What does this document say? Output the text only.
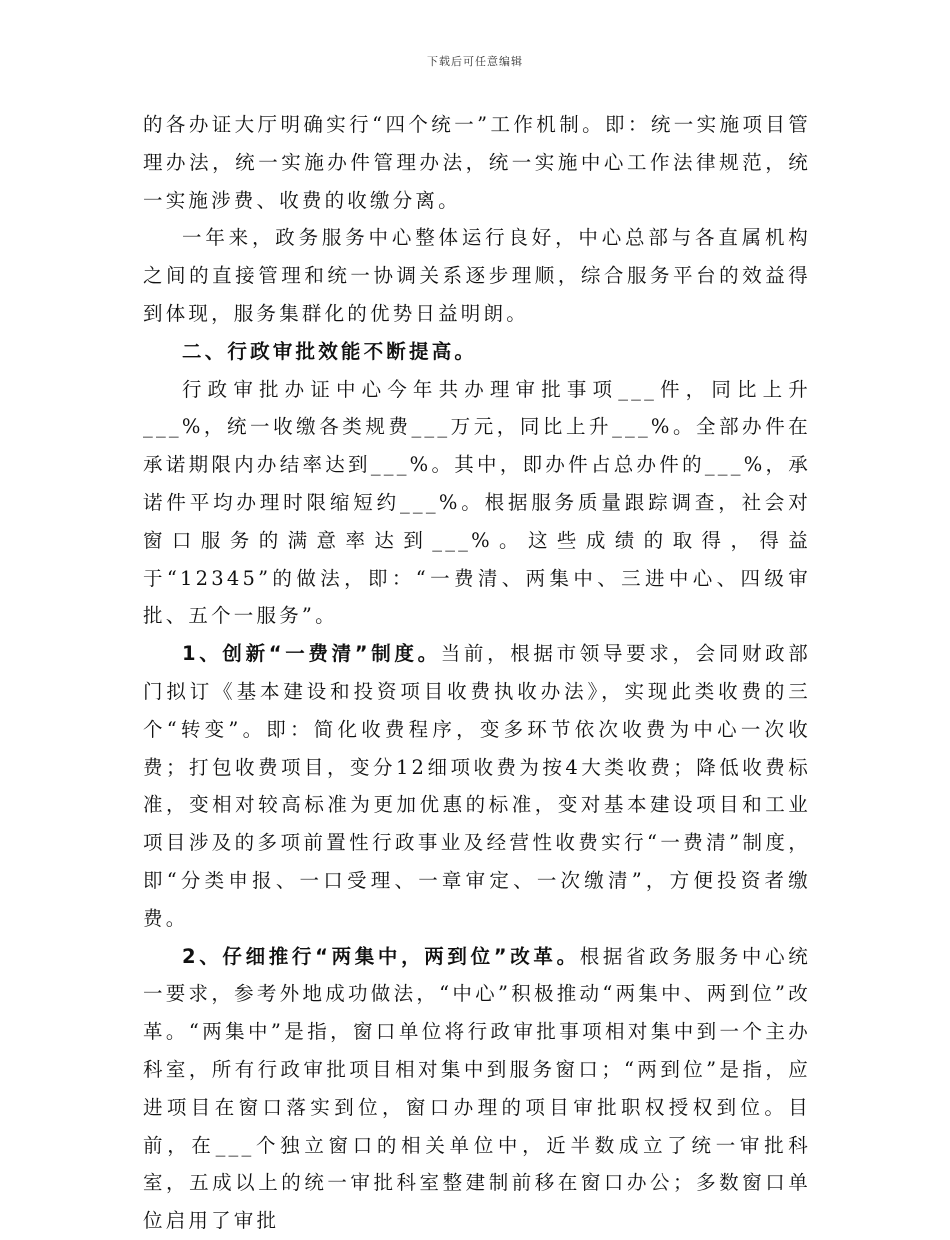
下载后可任意编辑

的各办证大厅明确实行“四个统一”工作机制。即：统一实施项目管理办法，统一实施办件管理办法，统一实施中心工作法律规范，统一实施涉费、收费的收缴分离。

一年来，政务服务中心整体运行良好，中心总部与各直属机构之间的直接管理和统一协调关系逐步理顺，综合服务平台的效益得到体现，服务集群化的优势日益明朗。

二、行政审批效能不断提高。

行政审批办证中心今年共办理审批事项___件，同比上升___%，统一收缴各类规费___万元，同比上升___%。全部办件在承诺期限内办结率达到___%。其中，即办件占总办件的___%，承诺件平均办理时限缩短约___%。根据服务质量跟踪调查，社会对窗口服务的满意率达到___%。这些成绩的取得，得益于“12345”的做法，即：“一费清、两集中、三进中心、四级审批、五个一服务”。

1、创新“一费清”制度。当前，根据市领导要求，会同财政部门拟订《基本建设和投资项目收费执收办法》，实现此类收费的三个“转变”。即：简化收费程序，变多环节依次收费为中心一次收费；打包收费项目，变分12细项收费为按4大类收费；降低收费标准，变相对较高标准为更加优惠的标准，变对基本建设项目和工业项目涉及的多项前置性行政事业及经营性收费实行“一费清”制度，即“分类申报、一口受理、一章审定、一次缴清”，方便投资者缴费。

2、仔细推行“两集中，两到位”改革。根据省政务服务中心统一要求，参考外地成功做法，“中心”积极推动“两集中、两到位”改革。“两集中”是指，窗口单位将行政审批事项相对集中到一个主办科室，所有行政审批项目相对集中到服务窗口；“两到位”是指，应进项目在窗口落实到位，窗口办理的项目审批职权授权到位。目前，在___个独立窗口的相关单位中，近半数成立了统一审批科室，五成以上的统一审批科室整建制前移在窗口办公；多数窗口单位启用了审批
